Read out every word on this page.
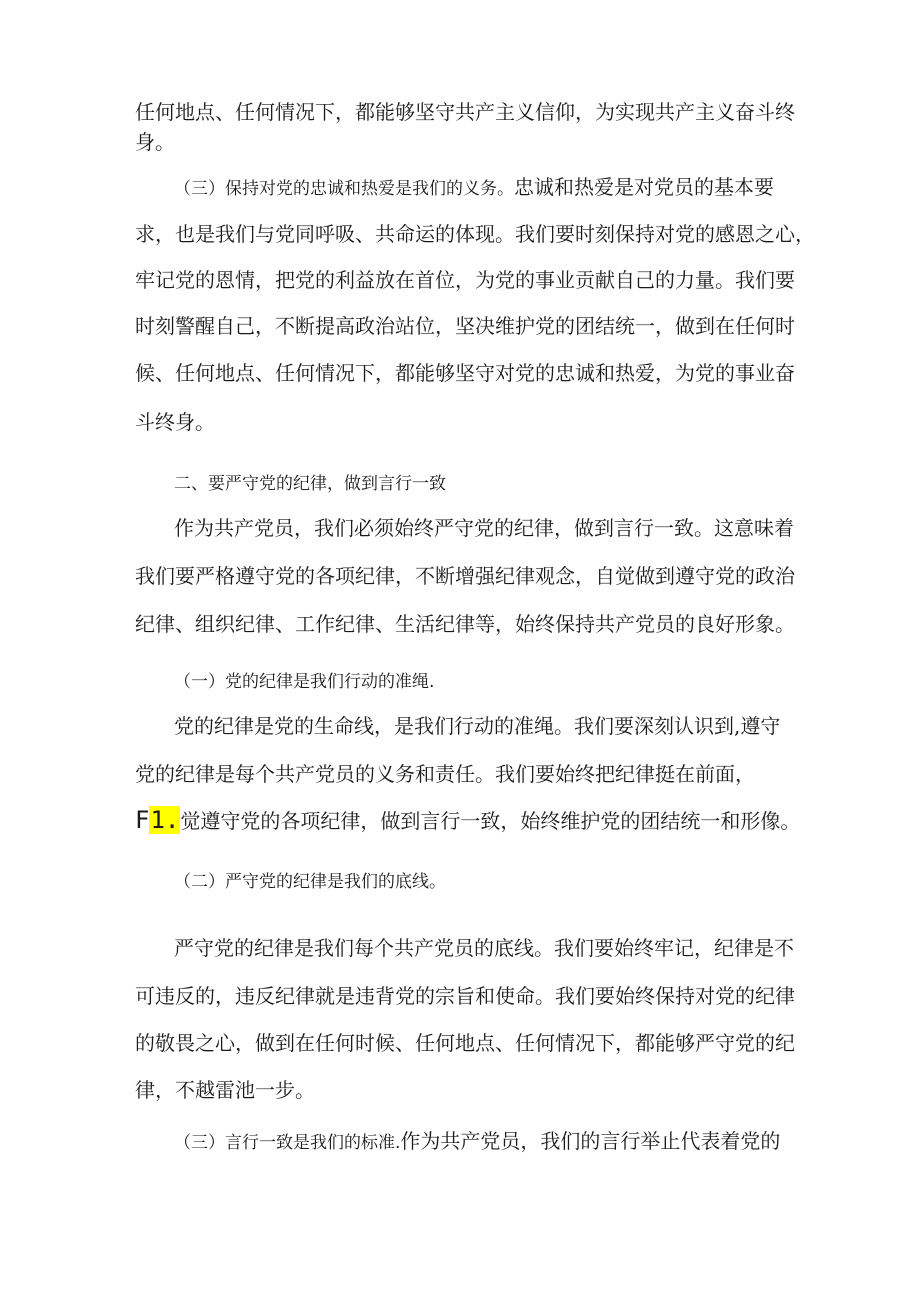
任何地点、任何情况下，都能够坚守共产主义信仰，为实现共产主义奋斗终
身。
（三）保持对党的忠诚和热爱是我们的义务。忠诚和热爱是对党员的基本要
求，也是我们与党同呼吸、共命运的体现。我们要时刻保持对党的感恩之心，
牢记党的恩情，把党的利益放在首位，为党的事业贡献自己的力量。我们要
时刻警醒自己，不断提高政治站位，坚决维护党的团结统一，做到在任何时
候、任何地点、任何情况下，都能够坚守对党的忠诚和热爱，为党的事业奋
斗终身。
二、要严守党的纪律，做到言行一致
作为共产党员，我们必须始终严守党的纪律，做到言行一致。这意味着
我们要严格遵守党的各项纪律，不断增强纪律观念，自觉做到遵守党的政治
纪律、组织纪律、工作纪律、生活纪律等，始终保持共产党员的良好形象。
（一）党的纪律是我们行动的准绳.
党的纪律是党的生命线，是我们行动的准绳。我们要深刻认识到,遵守
党的纪律是每个共产党员的义务和责任。我们要始终把纪律挺在前面，
F1.觉遵守党的各项纪律，做到言行一致，始终维护党的团结统一和形像。
（二）严守党的纪律是我们的底线。
严守党的纪律是我们每个共产党员的底线。我们要始终牢记，纪律是不
可违反的，违反纪律就是违背党的宗旨和使命。我们要始终保持对党的纪律
的敬畏之心，做到在任何时候、任何地点、任何情况下，都能够严守党的纪
律，不越雷池一步。
（三）言行一致是我们的标准.作为共产党员，我们的言行举止代表着党的
